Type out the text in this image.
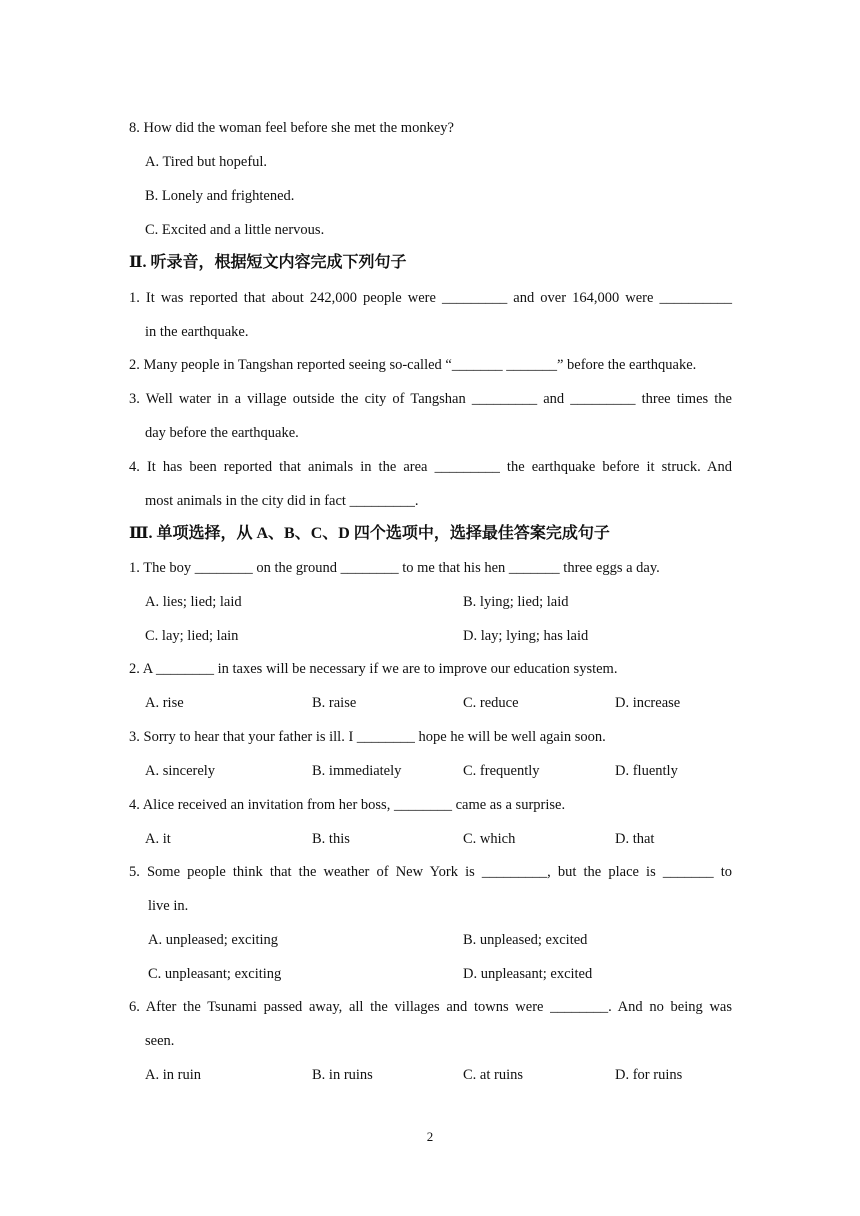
8. How did the woman feel before she met the monkey?
A. Tired but hopeful.
B. Lonely and frightened.
C. Excited and a little nervous.
Ⅱ. 听录音，根据短文内容完成下列句子
1. It was reported that about 242,000 people were _________ and over 164,000 were __________
in the earthquake.
2. Many people in Tangshan reported seeing so-called “_______ _______” before the earthquake.
3. Well water in a village outside the city of Tangshan _________ and _________ three times the
day before the earthquake.
4. It has been reported that animals in the area _________ the earthquake before it struck. And
most animals in the city did in fact _________.
Ⅲ. 单项选择，从 A、B、C、D 四个选项中，选择最佳答案完成句子
1. The boy ________ on the ground ________ to me that his hen _______ three eggs a day.
A. lies; lied; laid	B. lying; lied; laid
C. lay; lied; lain	D. lay; lying; has laid
2. A ________ in taxes will be necessary if we are to improve our education system.
A. rise	B. raise	C. reduce	D. increase
3. Sorry to hear that your father is ill. I ________ hope he will be well again soon.
A. sincerely	B. immediately	C. frequently	D. fluently
4. Alice received an invitation from her boss, ________ came as a surprise.
A. it	B. this	C. which	D. that
5. Some people think that the weather of New York is _________, but the place is _______ to
live in.
A. unpleased; exciting	B. unpleased; excited
C. unpleasant; exciting	D. unpleasant; excited
6. After the Tsunami passed away, all the villages and towns were ________. And no being was
seen.
A. in ruin	B. in ruins	C. at ruins	D. for ruins
2
